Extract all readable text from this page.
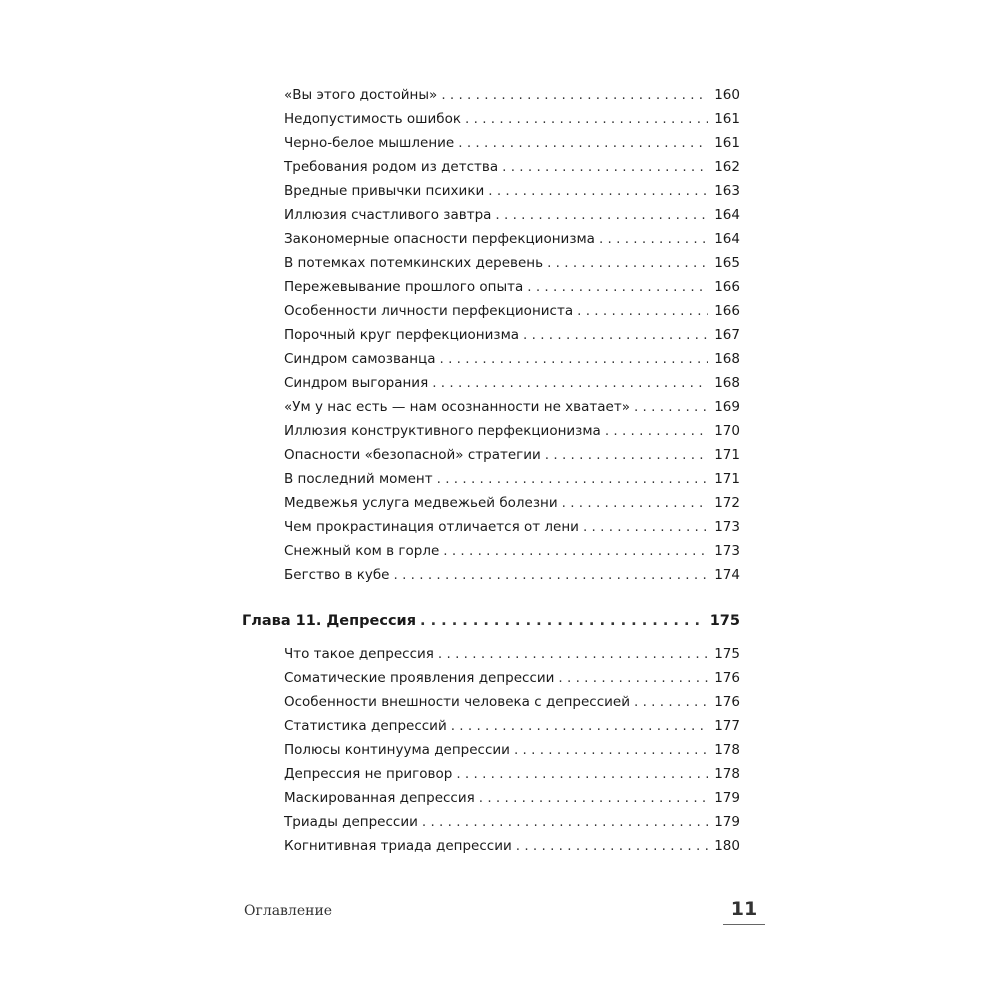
«Вы этого достойны» . . .	160
Недопустимость ошибок . . .	161
Черно-белое мышление . . .	161
Требования родом из детства . . .	162
Вредные привычки психики . . .	163
Иллюзия счастливого завтра . . .	164
Закономерные опасности перфекционизма . . .	164
В потемках потемкинских деревень . . .	165
Пережевывание прошлого опыта . . .	166
Особенности личности перфекциониста . . .	166
Порочный круг перфекционизма . . .	167
Синдром самозванца . . .	168
Синдром выгорания . . .	168
«Ум у нас есть — нам осознанности не хватает» . . .	169
Иллюзия конструктивного перфекционизма . . .	170
Опасности «безопасной» стратегии . . .	171
В последний момент . . .	171
Медвежья услуга медвежьей болезни . . .	172
Чем прокрастинация отличается от лени . . .	173
Снежный ком в горле . . .	173
Бегство в кубе . . .	174
Глава 11. Депрессия . . .	175
Что такое депрессия . . .	175
Соматические проявления депрессии . . .	176
Особенности внешности человека с депрессией . . .	176
Статистика депрессий . . .	177
Полюсы континуума депрессии . . .	178
Депрессия не приговор . . .	178
Маскированная депрессия . . .	179
Триады депрессии . . .	179
Когнитивная триада депрессии . . .	180
Оглавление	11
